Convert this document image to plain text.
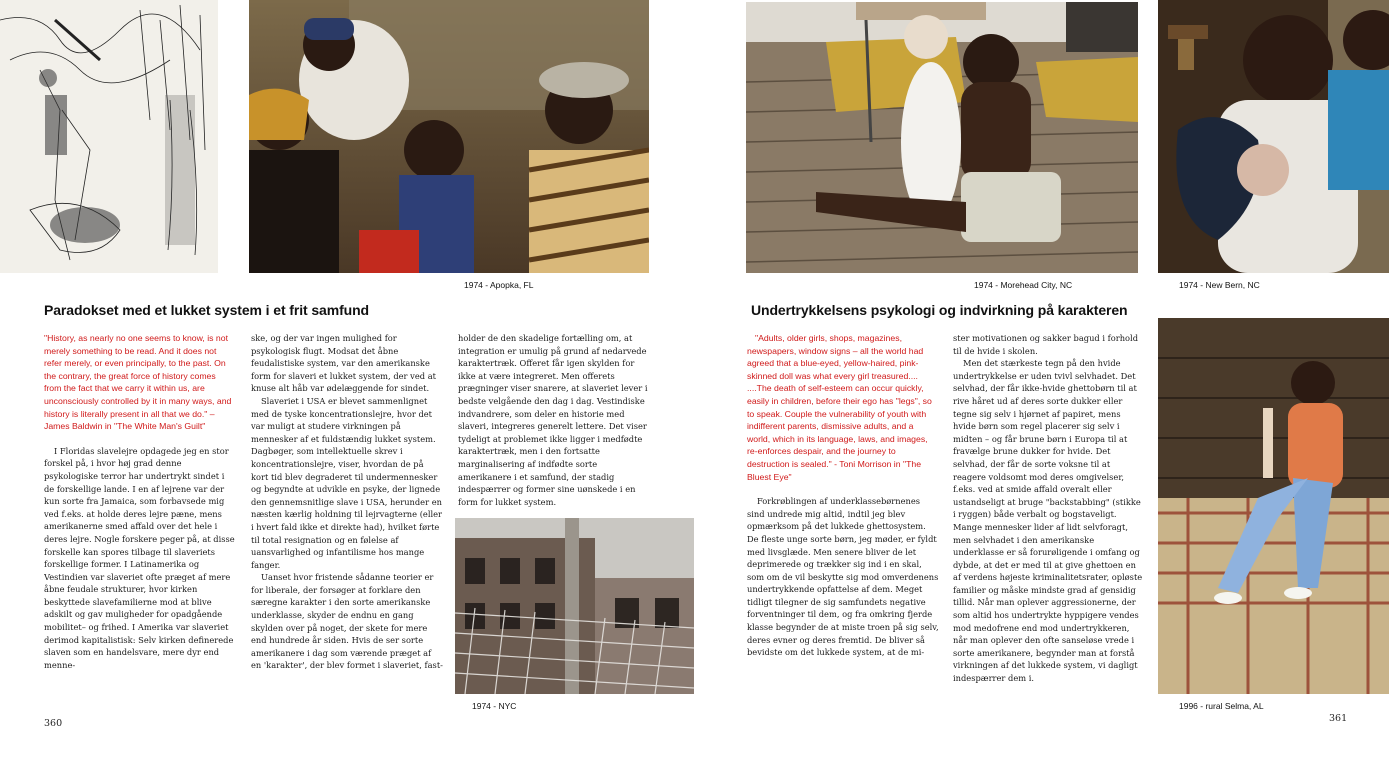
1974 - Apopka, FL
Paradokset med et lukket system i et frit samfund

"History, as nearly no one seems to know, is not merely something to be read. And it does not refer merely, or even principally, to the past. On the contrary, the great force of history comes from the fact that we carry it within us, are unconsciously controlled by it in many ways, and history is literally present in all that we do." – James Baldwin in "The White Man's Guilt"

I Floridas slavelejre opdagede jeg en stor forskel på, i hvor høj grad denne psykologiske terror har undertrykt sindet i de forskellige lande. I en af lejrene var der kun sorte fra Jamaica, som forbavsede mig ved f.eks. at holde deres lejre pæne, mens amerikanerne smed affald over det hele i deres lejre. Nogle forskere peger på, at disse forskelle kan spores tilbage til slaveriets forskellige former. I Latinamerika og Vestindien var slaveriet ofte præget af mere åbne feudale strukturer, hvor kirken beskyttede slavefamilierne mod at blive adskilt og gav muligheder for opadgående mobilitet– og frihed. I Amerika var slaveriet derimod kapitalistisk: Selv kirken definerede slaven som en handelsvare, mere dyr end menne-

ske, og der var ingen mulighed for psykologisk flugt. Modsat det åbne feudalistiske system, var den amerikanske form for slaveri et lukket system, der ved at knuse alt håb var ødelæggende for sindet.

Slaveriet i USA er blevet sammenlignet med de tyske koncentrationslejre, hvor det var muligt at studere virkningen på mennesker af et fuldstændig lukket system. Dagbøger, som intellektuelle skrev i koncentrationslejre, viser, hvordan de på kort tid blev degraderet til undermennesker og begyndte at udvikle en psyke, der lignede den gennemsnitlige slave i USA, herunder en næsten kærlig holdning til lejrvagterne (eller i hvert fald ikke et direkte had), hvilket førte til total resignation og en følelse af uansvarlighed og infantilisme hos mange fanger.

Uanset hvor fristende sådanne teorier er for liberale, der forsøger at forklare den særegne karakter i den sorte amerikanske underklasse, skyder de endnu en gang skylden over på noget, der skete for mere end hundrede år siden. Hvis de ser sorte amerikanere i dag som værende præget af en 'karakter', der blev formet i slaveriet, fast-

holder de den skadelige fortælling om, at integration er umulig på grund af nedarvede karaktertræk. Offeret får igen skylden for ikke at være integreret. Men offerets prægninger viser snarere, at slaveriet lever i bedste velgående den dag i dag. Vestindiske indvandrere, som deler en historie med slaveri, integreres generelt lettere. Det viser tydeligt at problemet ikke ligger i medfødte karaktertræk, men i den fortsatte marginalisering af indfødte sorte amerikanere i et samfund, der stadig indespærrer og former sine uønskede i en form for lukket system.

1974 - NYC
360
1974 - Morehead City, NC	1974 - New Bern, NC
Undertrykkelsens psykologi og indvirkning på karakteren

"Adults, older girls, shops, magazines, newspapers, window signs – all the world had agreed that a blue-eyed, yellow-haired, pink-skinned doll was what every girl treasured....

....The death of self-esteem can occur quickly, easily in children, before their ego has "legs", so to speak. Couple the vulnerability of youth with indifferent parents, dismissive adults, and a world, which in its language, laws, and images, re-enforces despair, and the journey to destruction is sealed." - Toni Morrison in "The Bluest Eye"

Forkrøblingen af underklassebørnenes sind undrede mig altid, indtil jeg blev opmærksom på det lukkede ghettosystem. De fleste unge sorte børn, jeg møder, er fyldt med livsglæde. Men senere bliver de let deprimerede og trækker sig ind i en skal, som om de vil beskytte sig mod omverdenens undertrykkende opfattelse af dem. Meget tidligt tilegner de sig samfundets negative forventninger til dem, og fra omkring fjerde klasse begynder de at miste troen på sig selv, deres evner og deres fremtid. De bliver så bevidste om det lukkede system, at de mi-

ster motivationen og sakker bagud i forhold til de hvide i skolen.

Men det stærkeste tegn på den hvide undertrykkelse er uden tvivl selvhadet. Det selvhad, der får ikke-hvide ghettobørn til at rive håret ud af deres sorte dukker eller tegne sig selv i hjørnet af papiret, mens hvide børn som regel placerer sig selv i midten – og får brune børn i Europa til at fravælge brune dukker for hvide. Det selvhad, der får de sorte voksne til at reagere voldsomt mod deres omgivelser, f.eks. ved at smide affald overalt eller ustandseligt at bruge "backstabbing" (stikke i ryggen) både verbalt og bogstaveligt. Mange mennesker lider af lidt selvforagt, men selvhadet i den amerikanske underklasse er så forurøligende i omfang og dybde, at det er med til at give ghettoen en af verdens højeste kriminalitetsrater, opløste familier og måske mindste grad af gensidig tillid. Når man oplever aggressionerne, der som altid hos undertrykte hyppigere vendes mod medofrene end mod undertrykkeren, når man oplever den ofte sanseløse vrede i sorte amerikanere, begynder man at forstå virkningen af det lukkede system, vi dagligt indespærrer dem i.

1996 - rural Selma, AL
361
